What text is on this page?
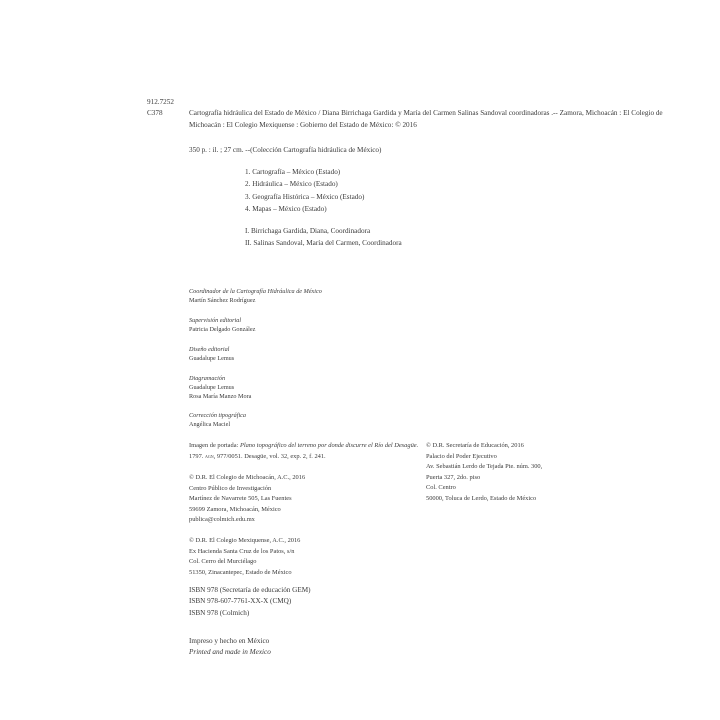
912.7252
C378	Cartografía hidráulica del Estado de México / Diana Birrichaga Gardida y María del Carmen Salinas Sandoval coordinadoras .-- Zamora, Michoacán : El Colegio de Michoacán : El Colegio Mexiquense : Gobierno del Estado de México: © 2016
350 p. : il. ; 27 cm. --(Colección Cartografía hidráulica de México)
1. Cartografía – México (Estado)
2. Hidráulica – México (Estado)
3. Geografía Histórica – México (Estado)
4. Mapas – México (Estado)
I. Birrichaga Gardida, Diana, Coordinadora
II. Salinas Sandoval, María del Carmen, Coordinadora
Coordinador de la Cartografía Hidráulica de México
Martín Sánchez Rodríguez
Supervisión editorial
Patricia Delgado González
Diseño editorial
Guadalupe Lemus
Diagramación
Guadalupe Lemus
Rosa María Manzo Mora
Corrección tipográfica
Angélica Maciel
Imagen de portada: Plano topográfico del terreno por donde discurre el Río del Desagüe.
1797. agn, 977/0051. Desagüe, vol. 32, exp. 2, f. 241.
© D.R. El Colegio de Michoacán, A.C., 2016
Centro Público de Investigación
Martínez de Navarrete 505, Las Fuentes
59699 Zamora, Michoacán, México
publica@colmich.edu.mx
© D.R. El Colegio Mexiquense, A.C., 2016
Ex Hacienda Santa Cruz de los Patos, s/n
Col. Cerro del Murciélago
51350, Zinacantepec, Estado de México
© D.R. Secretaría de Educación, 2016
Palacio del Poder Ejecutivo
Av. Sebastián Lerdo de Tejada Pte. núm. 300,
Puerta 327, 2do. piso
Col. Centro
50000, Toluca de Lerdo, Estado de México
ISBN 978 (Secretaría de educación GEM)
ISBN 978-607-7761-XX-X (CMQ)
ISBN 978 (Colmich)
Impreso y hecho en México
Printed and made in Mexico
